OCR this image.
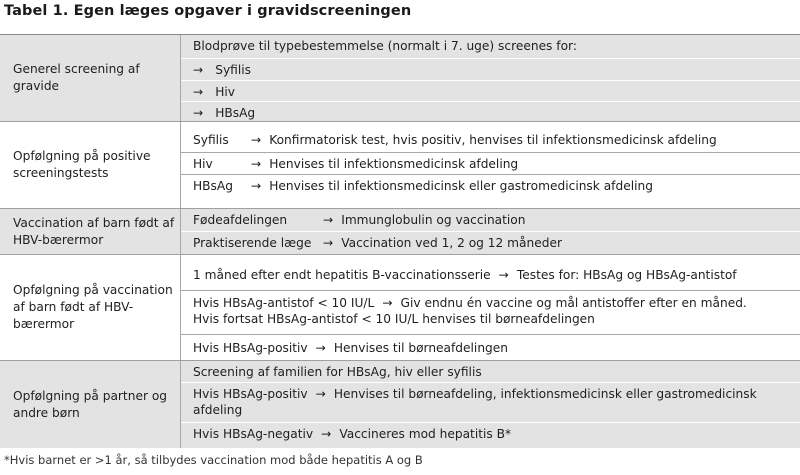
Tabel 1. Egen læges opgaver i gravidscreeningen
Generel screening af gravide
Blodprøve til typebestemmelse (normalt i 7. uge) screenes for:
→ Syfilis
→ Hiv
→ HBsAg
Opfølgning på positive screeningstests
Syfilis → Konfirmatorisk test, hvis positiv, henvises til infektionsmedicinsk afdeling
Hiv	→ Henvises til infektionsmedicinsk afdeling
HBsAg → Henvises til infektionsmedicinsk eller gastromedicinsk afdeling
Vaccination af barn født af HBV-bærermor
Fødeafdelingen	→ Immunglobulin og vaccination
Praktiserende læge → Vaccination ved 1, 2 og 12 måneder
Opfølgning på vaccination af barn født af HBV-bærermor
1 måned efter endt hepatitis B-vaccinationsserie → Testes for: HBsAg og HBsAg-antistof
Hvis HBsAg-antistof < 10 IU/L → Giv endnu én vaccine og mål antistoffer efter en måned.
Hvis fortsat HBsAg-antistof < 10 IU/L henvises til børneafdelingen
Hvis HBsAg-positiv → Henvises til børneafdelingen
Opfølgning på partner og andre børn
Screening af familien for HBsAg, hiv eller syfilis
Hvis HBsAg-positiv → Henvises til børneafdeling, infektionsmedicinsk eller gastromedicinsk
afdeling
Hvis HBsAg-negativ → Vaccineres mod hepatitis B*
*Hvis barnet er >1 år, så tilbydes vaccination mod både hepatitis A og B
